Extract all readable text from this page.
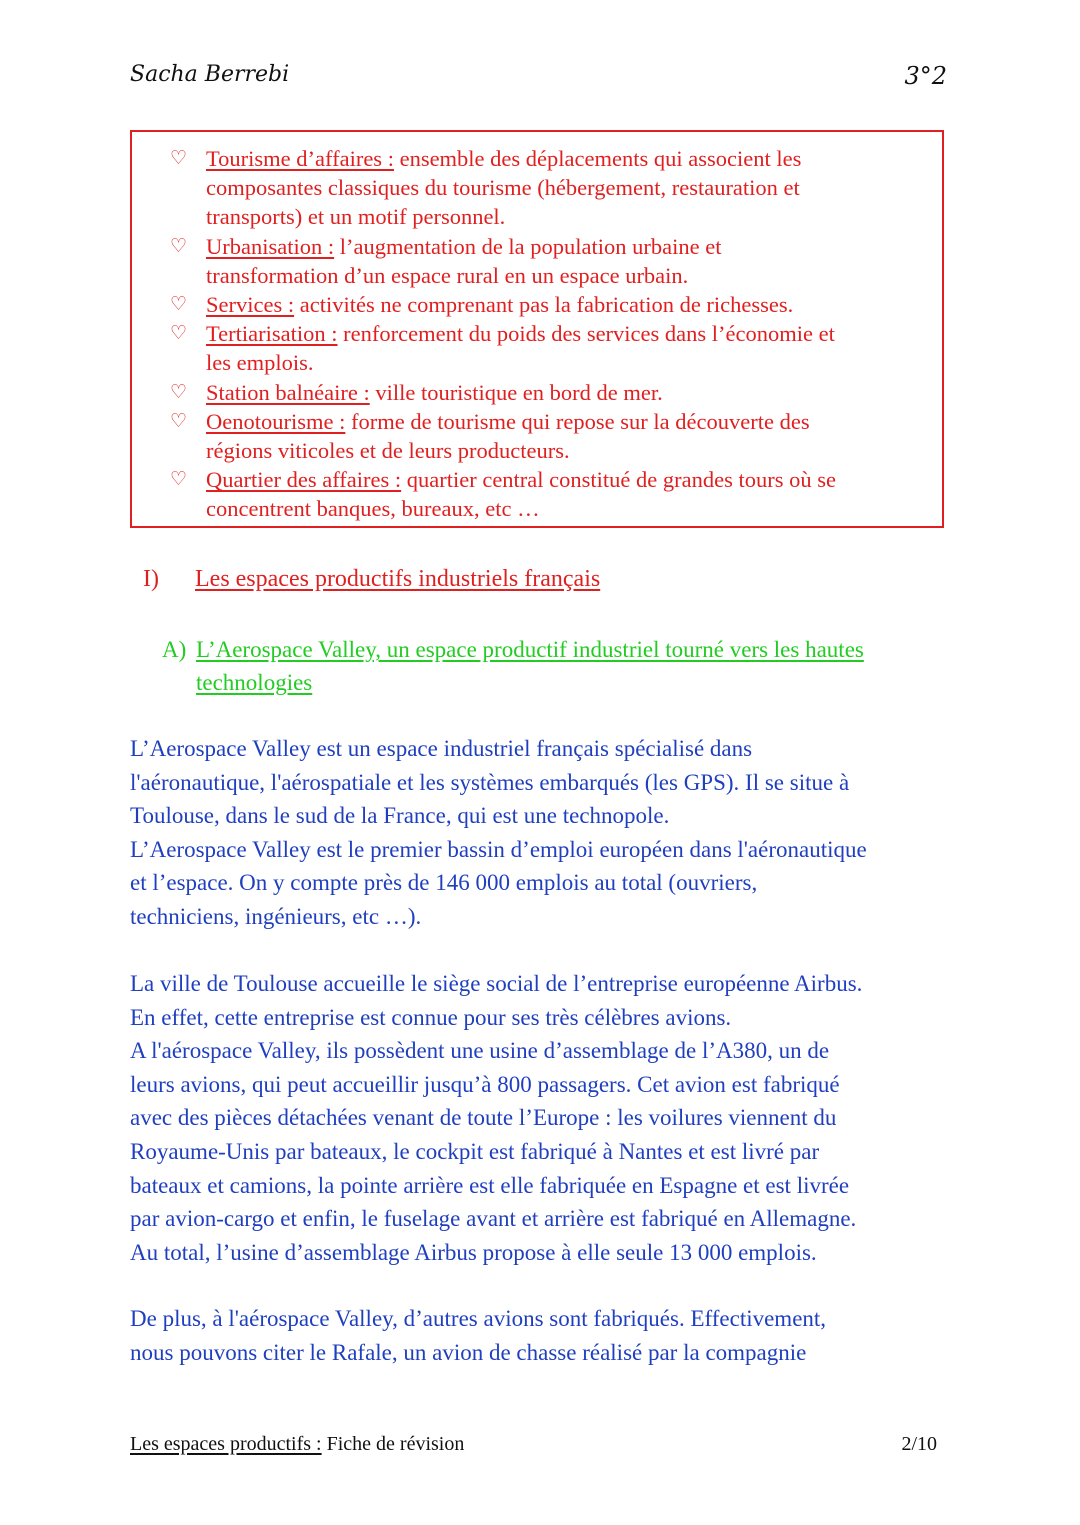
Sacha Berrebi	3°2
♡ Tourisme d’affaires : ensemble des déplacements qui associent les
composantes classiques du tourisme (hébergement, restauration et
transports) et un motif personnel.
♡ Urbanisation : l’augmentation de la population urbaine et
transformation d’un espace rural en un espace urbain.
♡ Services : activités ne comprenant pas la fabrication de richesses.
♡ Tertiarisation : renforcement du poids des services dans l’économie et
les emplois.
♡ Station balnéaire : ville touristique en bord de mer.
♡ Oenotourisme : forme de tourisme qui repose sur la découverte des
régions viticoles et de leurs producteurs.
♡ Quartier des affaires : quartier central constitué de grandes tours où se
concentrent banques, bureaux, etc …
I) Les espaces productifs industriels français
A) L’Aerospace Valley, un espace productif industriel tourné vers les hautes
technologies
L’Aerospace Valley est un espace industriel français spécialisé dans
l'aéronautique, l'aérospatiale et les systèmes embarqués (les GPS). Il se situe à
Toulouse, dans le sud de la France, qui est une technopole.
L’Aerospace Valley est le premier bassin d’emploi européen dans l'aéronautique
et l’espace. On y compte près de 146 000 emplois au total (ouvriers,
techniciens, ingénieurs, etc …).
La ville de Toulouse accueille le siège social de l’entreprise européenne Airbus.
En effet, cette entreprise est connue pour ses très célèbres avions.
A l'aérospace Valley, ils possèdent une usine d’assemblage de l’A380, un de
leurs avions, qui peut accueillir jusqu’à 800 passagers. Cet avion est fabriqué
avec des pièces détachées venant de toute l’Europe : les voilures viennent du
Royaume-Unis par bateaux, le cockpit est fabriqué à Nantes et est livré par
bateaux et camions, la pointe arrière est elle fabriquée en Espagne et est livrée
par avion-cargo et enfin, le fuselage avant et arrière est fabriqué en Allemagne.
Au total, l’usine d’assemblage Airbus propose à elle seule 13 000 emplois.
De plus, à l'aérospace Valley, d’autres avions sont fabriqués. Effectivement,
nous pouvons citer le Rafale, un avion de chasse réalisé par la compagnie
Les espaces productifs : Fiche de révision	2/10
